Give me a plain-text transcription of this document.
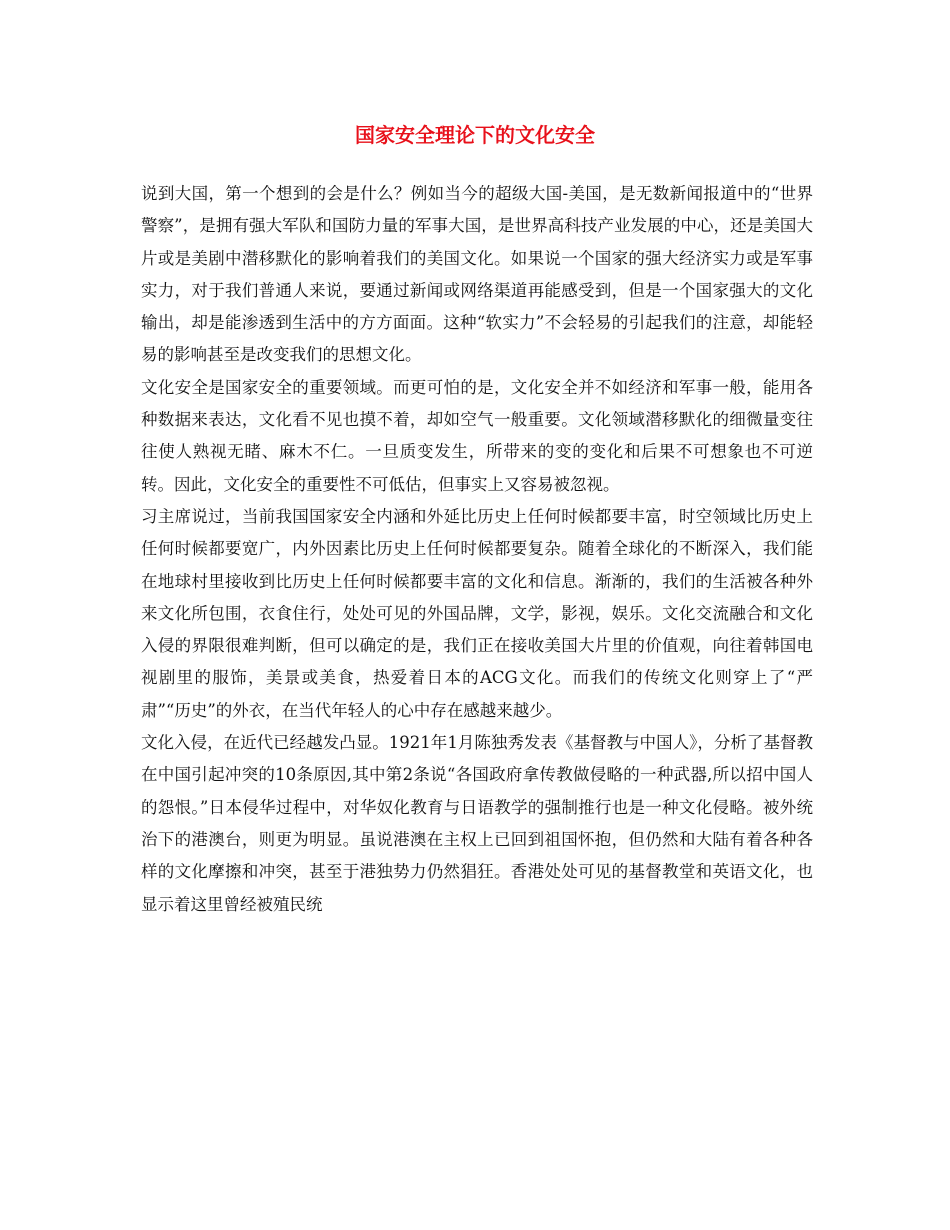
国家安全理论下的文化安全

说到大国，第一个想到的会是什么？例如当今的超级大国-美国，是无数新闻报道中的“世界警察”，是拥有强大军队和国防力量的军事大国，是世界高科技产业发展的中心，还是美国大片或是美剧中潜移默化的影响着我们的美国文化。如果说一个国家的强大经济实力或是军事实力，对于我们普通人来说，要通过新闻或网络渠道再能感受到，但是一个国家强大的文化输出，却是能渗透到生活中的方方面面。这种“软实力”不会轻易的引起我们的注意，却能轻易的影响甚至是改变我们的思想文化。

文化安全是国家安全的重要领域。而更可怕的是，文化安全并不如经济和军事一般，能用各种数据来表达，文化看不见也摸不着，却如空气一般重要。文化领域潜移默化的细微量变往往使人熟视无睹、麻木不仁。一旦质变发生，所带来的变的变化和后果不可想象也不可逆转。因此，文化安全的重要性不可低估，但事实上又容易被忽视。

习主席说过，当前我国国家安全内涵和外延比历史上任何时候都要丰富，时空领域比历史上任何时候都要宽广，内外因素比历史上任何时候都要复杂。随着全球化的不断深入，我们能在地球村里接收到比历史上任何时候都要丰富的文化和信息。渐渐的，我们的生活被各种外来文化所包围，衣食住行，处处可见的外国品牌，文学，影视，娱乐。文化交流融合和文化入侵的界限很难判断，但可以确定的是，我们正在接收美国大片里的价值观，向往着韩国电视剧里的服饰，美景或美食，热爱着日本的ACG文化。而我们的传统文化则穿上了“严肃”“历史”的外衣，在当代年轻人的心中存在感越来越少。

文化入侵，在近代已经越发凸显。1921年1月陈独秀发表《基督教与中国人》，分析了基督教在中国引起冲突的10条原因,其中第2条说“各国政府拿传教做侵略的一种武器,所以招中国人的怨恨。”日本侵华过程中，对华奴化教育与日语教学的强制推行也是一种文化侵略。被外统治下的港澳台，则更为明显。虽说港澳在主权上已回到祖国怀抱，但仍然和大陆有着各种各样的文化摩擦和冲突，甚至于港独势力仍然猖狂。香港处处可见的基督教堂和英语文化，也显示着这里曾经被殖民统
